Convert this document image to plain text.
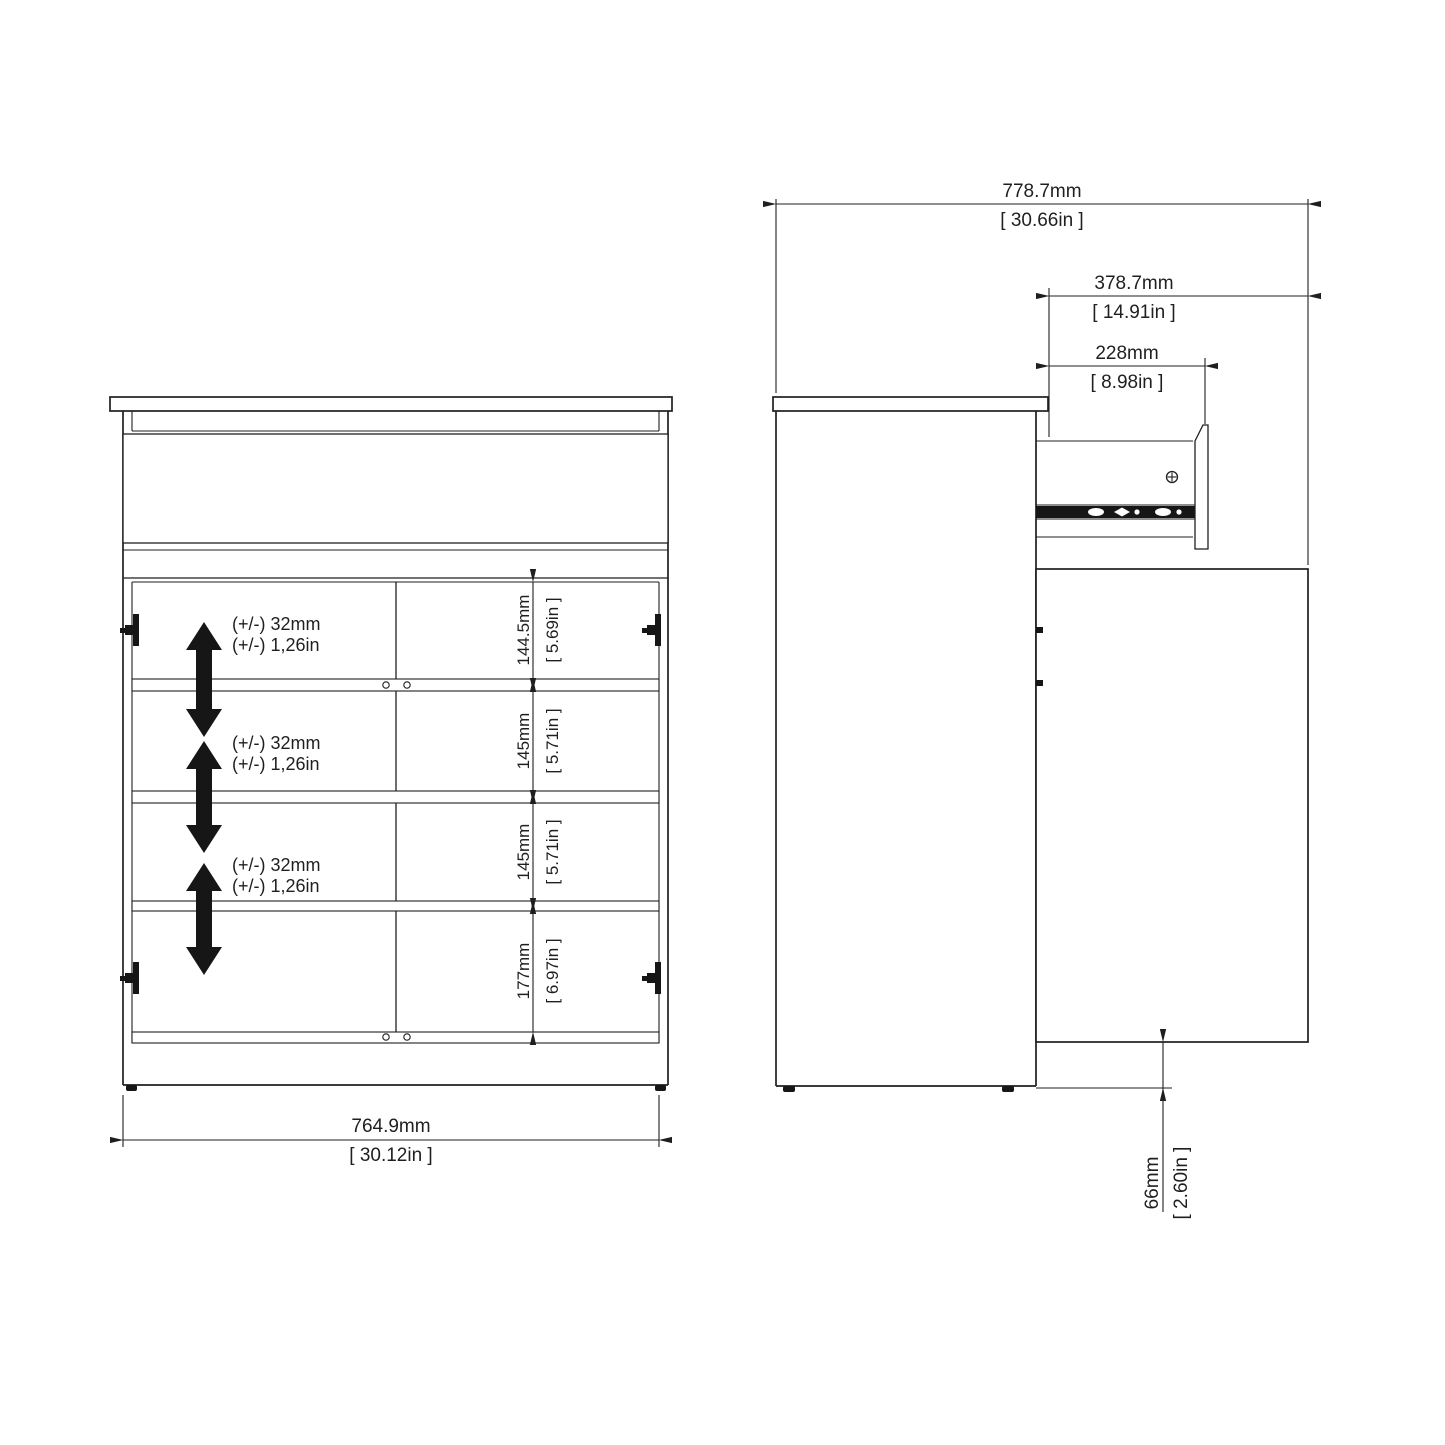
(+/-) 32mm
(+/-) 1,26in
(+/-) 32mm
(+/-) 1,26in
(+/-) 32mm
(+/-) 1,26in
144.5mm [ 5.69in ]
145mm [ 5.71in ]
145mm [ 5.71in ]
177mm [ 6.97in ]
764.9mm
[ 30.12in ]
778.7mm
[ 30.66in ]
378.7mm
[ 14.91in ]
228mm
[ 8.98in ]
66mm [ 2.60in ]
